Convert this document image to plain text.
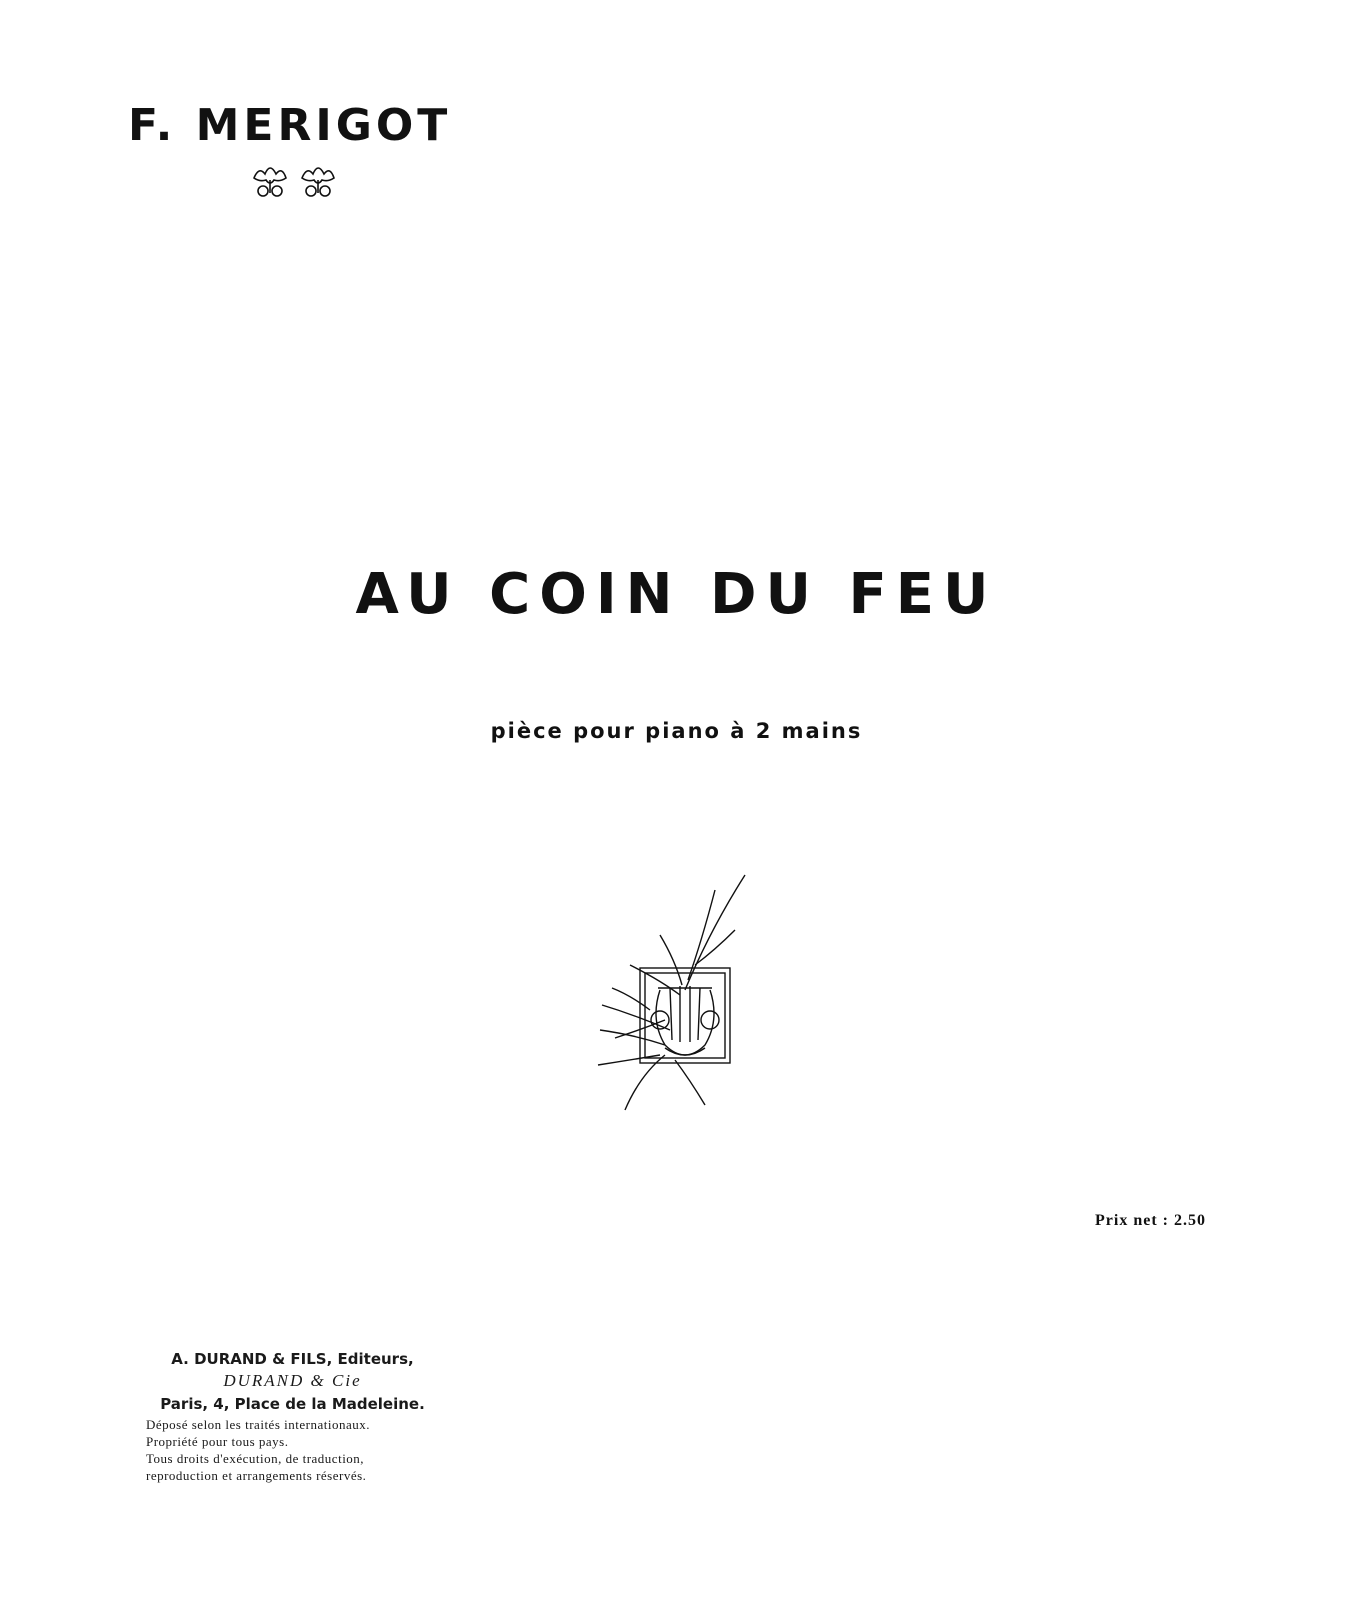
F. MERIGOT
AU COIN DU FEU
pièce pour piano à 2 mains
Prix net : 2.50
A. DURAND & FILS, Editeurs,
DURAND & Cie
Paris, 4, Place de la Madeleine.
Déposé selon les traités internationaux.
Propriété pour tous pays.
Tous droits d'exécution, de traduction,
reproduction et arrangements réservés.
